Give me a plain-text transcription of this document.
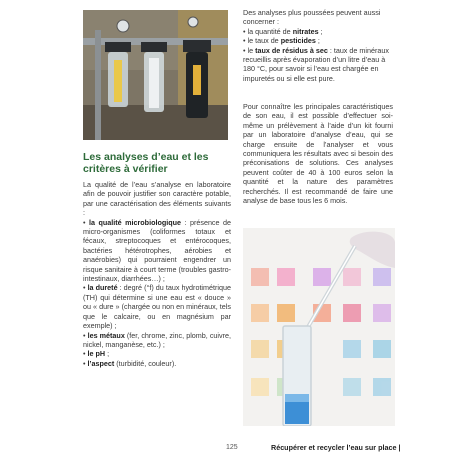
Les analyses d’eau et les critères à vérifier

La qualité de l’eau s’analyse en laboratoire afin de pouvoir justifier son caractère potable, par une caractérisation des éléments suivants :

• la qualité microbiologique : présence de micro-organismes (coliformes totaux et fécaux, streptocoques et entérocoques, bactéries hétérotrophes, aérobies et anaérobies) qui pourraient engendrer un risque sanitaire à court terme (troubles gastro-intestinaux, diarrhées…) ;
• la dureté : degré (°f) du taux hydrotimétrique (TH) qui détermine si une eau est « douce » ou « dure » (chargée ou non en minéraux, tels que le calcaire, ou en magnésium par exemple) ;
• les métaux (fer, chrome, zinc, plomb, cuivre, nickel, manganèse, etc.) ;
• le pH ;
• l’aspect (turbidité, couleur).

Des analyses plus poussées peuvent aussi concerner :

• la quantité de nitrates ;
• le taux de pesticides ;
• le taux de résidus à sec : taux de minéraux recueillis après évaporation d’un litre d’eau à 180 °C, pour savoir si l’eau est chargée en impuretés ou si elle est pure.

Pour connaître les principales caractéristiques de son eau, il est possible d’effectuer soi-même un prélèvement à l’aide d’un kit fourni par un laboratoire d’analyse d’eau, qui se charge ensuite de l’analyser et vous communiquera les résultats avec si besoin des préconisations de solutions. Ces analyses peuvent coûter de 40 à 100 euros selon la quantité et la nature des paramètres recherchés. Il est recommandé de faire une analyse de base tous les 6 mois.

125	Récupérer et recycler l’eau sur place |
